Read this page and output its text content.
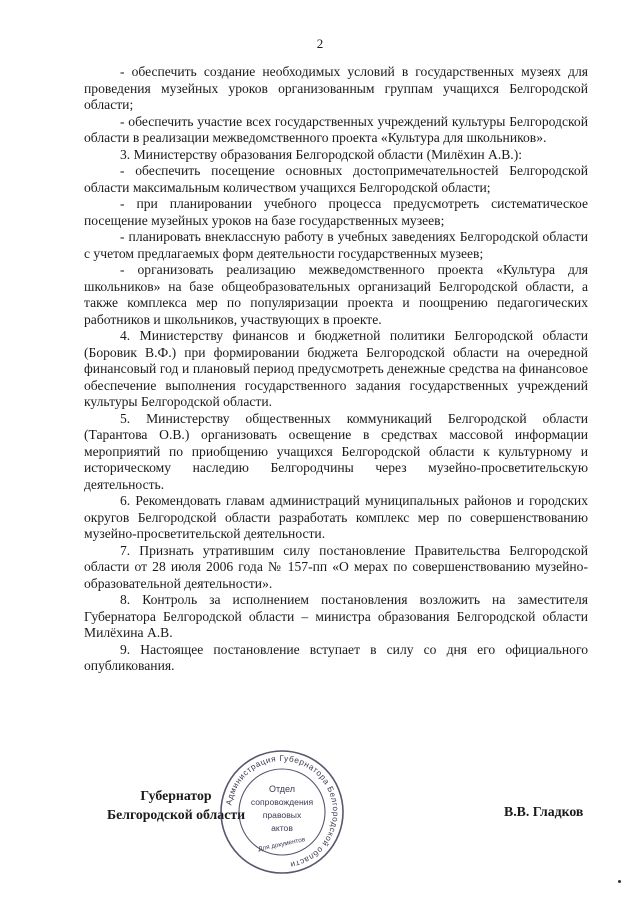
2

- обеспечить создание необходимых условий в государственных музеях для проведения музейных уроков организованным группам учащихся Белгородской области;

- обеспечить участие всех государственных учреждений культуры Белгородской области в реализации межведомственного проекта «Культура для школьников».

3. Министерству образования Белгородской области (Милёхин А.В.):

- обеспечить посещение основных достопримечательностей Белгородской области максимальным количеством учащихся Белгородской области;

- при планировании учебного процесса предусмотреть систематическое посещение музейных уроков на базе государственных музеев;

- планировать внеклассную работу в учебных заведениях Белгородской области с учетом предлагаемых форм деятельности государственных музеев;

- организовать реализацию межведомственного проекта «Культура для школьников» на базе общеобразовательных организаций Белгородской области, а также комплекса мер по популяризации проекта и поощрению педагогических работников и школьников, участвующих в проекте.

4. Министерству финансов и бюджетной политики Белгородской области (Боровик В.Ф.) при формировании бюджета Белгородской области на очередной финансовый год и плановый период предусмотреть денежные средства на финансовое обеспечение выполнения государственного задания государственных учреждений культуры Белгородской области.

5. Министерству общественных коммуникаций Белгородской области (Тарантова О.В.) организовать освещение в средствах массовой информации мероприятий по приобщению учащихся Белгородской области к культурному и историческому наследию Белгородчины через музейно-просветительскую деятельность.

6. Рекомендовать главам администраций муниципальных районов и городских округов Белгородской области разработать комплекс мер по совершенствованию музейно-просветительской деятельности.

7. Признать утратившим силу постановление Правительства Белгородской области от 28 июля 2006 года № 157-пп «О мерах по совершенствованию музейно-образовательной деятельности».

8. Контроль за исполнением постановления возложить на заместителя Губернатора Белгородской области – министра образования Белгородской области Милёхина А.В.

9. Настоящее постановление вступает в силу со дня его официального опубликования.

Губернатор
Белгородской области
Администрация Губернатора Белгородской области
Отдел
сопровождения
правовых
актов
Для документов
В.В. Гладков
